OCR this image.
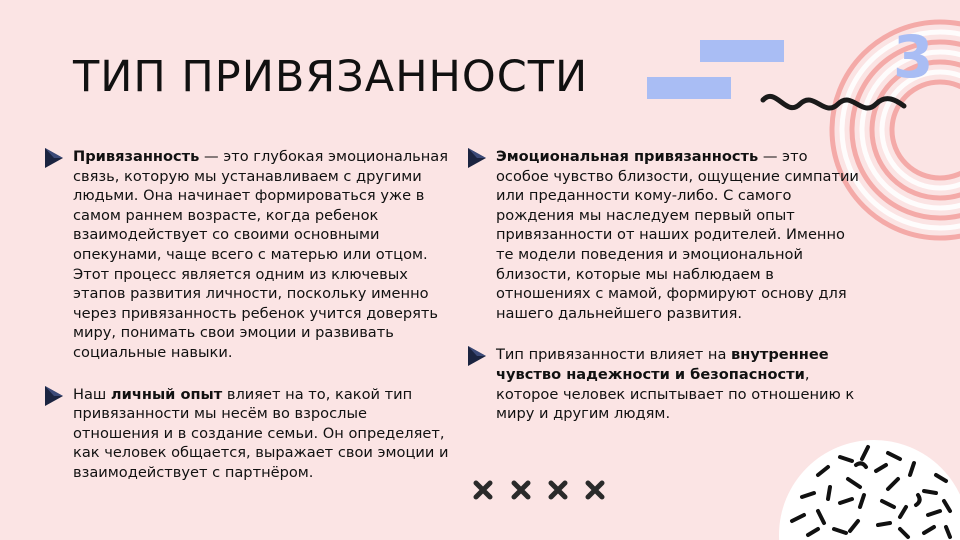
3
ТИП ПРИВЯЗАННОСТИ

Привязанность — это глубокая эмоциональная связь, которую мы устанавливаем с другими людьми. Она начинает формироваться уже в самом раннем возрасте, когда ребенок взаимодействует со своими основными опекунами, чаще всего с матерью или отцом. Этот процесс является одним из ключевых этапов развития личности, поскольку именно через привязанность ребенок учится доверять миру, понимать свои эмоции и развивать социальные навыки.

Наш личный опыт влияет на то, какой тип привязанности мы несём во взрослые отношения и в создание семьи. Он определяет, как человек общается, выражает свои эмоции и взаимодействует с партнёром.

Эмоциональная привязанность — это особое чувство близости, ощущение симпатии или преданности кому-либо. С самого рождения мы наследуем первый опыт привязанности от наших родителей. Именно те модели поведения и эмоциональной близости, которые мы наблюдаем в отношениях с мамой, формируют основу для нашего дальнейшего развития.

Тип привязанности влияет на внутреннее чувство надежности и безопасности, которое человек испытывает по отношению к миру и другим людям.
